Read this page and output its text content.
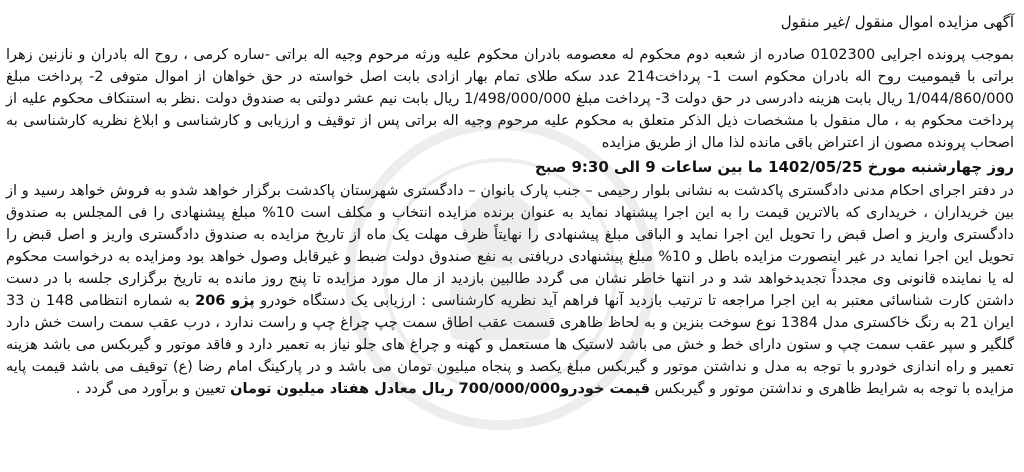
آگهی مزایده اموال منقول /غیر منقول

بموجب پرونده اجرایی 0102300 صادره از شعبه دوم محکوم له معصومه بادران محکوم علیه ورثه مرحوم وجیه اله براتی -ساره کرمی ، روح اله بادران و نازنین زهرا براتی با قیمومیت روح اله بادران محکوم است 1- پرداخت214 عدد سکه طلای تمام بهار ازادی بابت اصل خواسته در حق خواهان از اموال متوفی 2- پرداخت مبلغ 1/044/860/000 ریال بابت هزینه دادرسی در حق دولت 3- پرداخت مبلغ 1/498/000/000 ریال بابت نیم عشر دولتی به صندوق دولت .نظر به استنکاف محکوم علیه از پرداخت محکوم به ، مال منقول با مشخصات ذیل الذکر متعلق به محکوم علیه مرحوم وجیه اله براتی پس از توقیف و ارزیابی و کارشناسی و ابلاغ نظریه کارشناسی به اصحاب پرونده مصون از اعتراض باقی مانده لذا مال از طریق مزایده

روز چهارشنبه مورخ 1402/05/25 ما بین ساعات 9 الی 9:30 صبح

در دفتر اجرای احکام مدنی دادگستری پاکدشت به نشانی بلوار رحیمی – جنب پارک بانوان – دادگستری شهرستان پاکدشت برگزار خواهد شدو به فروش خواهد رسید و از بین خریداران ، خریداری که بالاترین قیمت را به این اجرا پیشنهاد نماید به عنوان برنده مزایده انتخاب و مکلف است 10% مبلغ پیشنهادی را فی المجلس به صندوق دادگستری واریز و اصل قبض را تحویل این اجرا نماید و الباقی مبلغ پیشنهادی را نهایتاً ظرف مهلت یک ماه از تاریخ مزایده به صندوق دادگستری واریز و اصل قبض را تحویل این اجرا نماید در غیر اینصورت مزایده باطل و 10% مبلغ پیشنهادی دریافتی به نفع صندوق دولت ضبط و غیرقابل وصول خواهد بود ومزایده به درخواست محکوم له یا نماینده قانونی وی مجدداً تجدیدخواهد شد و در انتها خاطر نشان می گردد طالبین بازدید از مال مورد مزایده تا پنج روز مانده به تاریخ برگزاری جلسه با در دست داشتن کارت شناسائی معتبر به این اجرا مراجعه تا ترتیب بازدید آنها فراهم آید نظریه کارشناسی : ارزیابی یک دستگاه خودرو پژو 206 به شماره انتظامی 148 ن 33 ایران 21 به رنگ خاکستری مدل 1384 نوع سوخت بنزین و به لحاظ ظاهری قسمت عقب اطاق سمت چپ چراغ چپ و راست ندارد ، درب عقب سمت راست خش دارد گلگیر و سپر عقب سمت چپ و ستون دارای خط و خش می باشد لاستیک ها مستعمل و کهنه و چراغ های جلو نیاز به تعمیر دارد و فاقد موتور و گیربکس می باشد هزینه تعمیر و راه اندازی خودرو با توجه به مدل و نداشتن موتور و گیربکس مبلغ یکصد و پنجاه میلیون تومان می باشد و در پارکینگ امام رضا (ع) توقیف می باشد قیمت پایه مزایده با توجه به شرایط ظاهری و نداشتن موتور و گیربکس قیمت خودرو700/000/000 ریال معادل هفتاد میلیون تومان تعیین و برآورد می گردد .
